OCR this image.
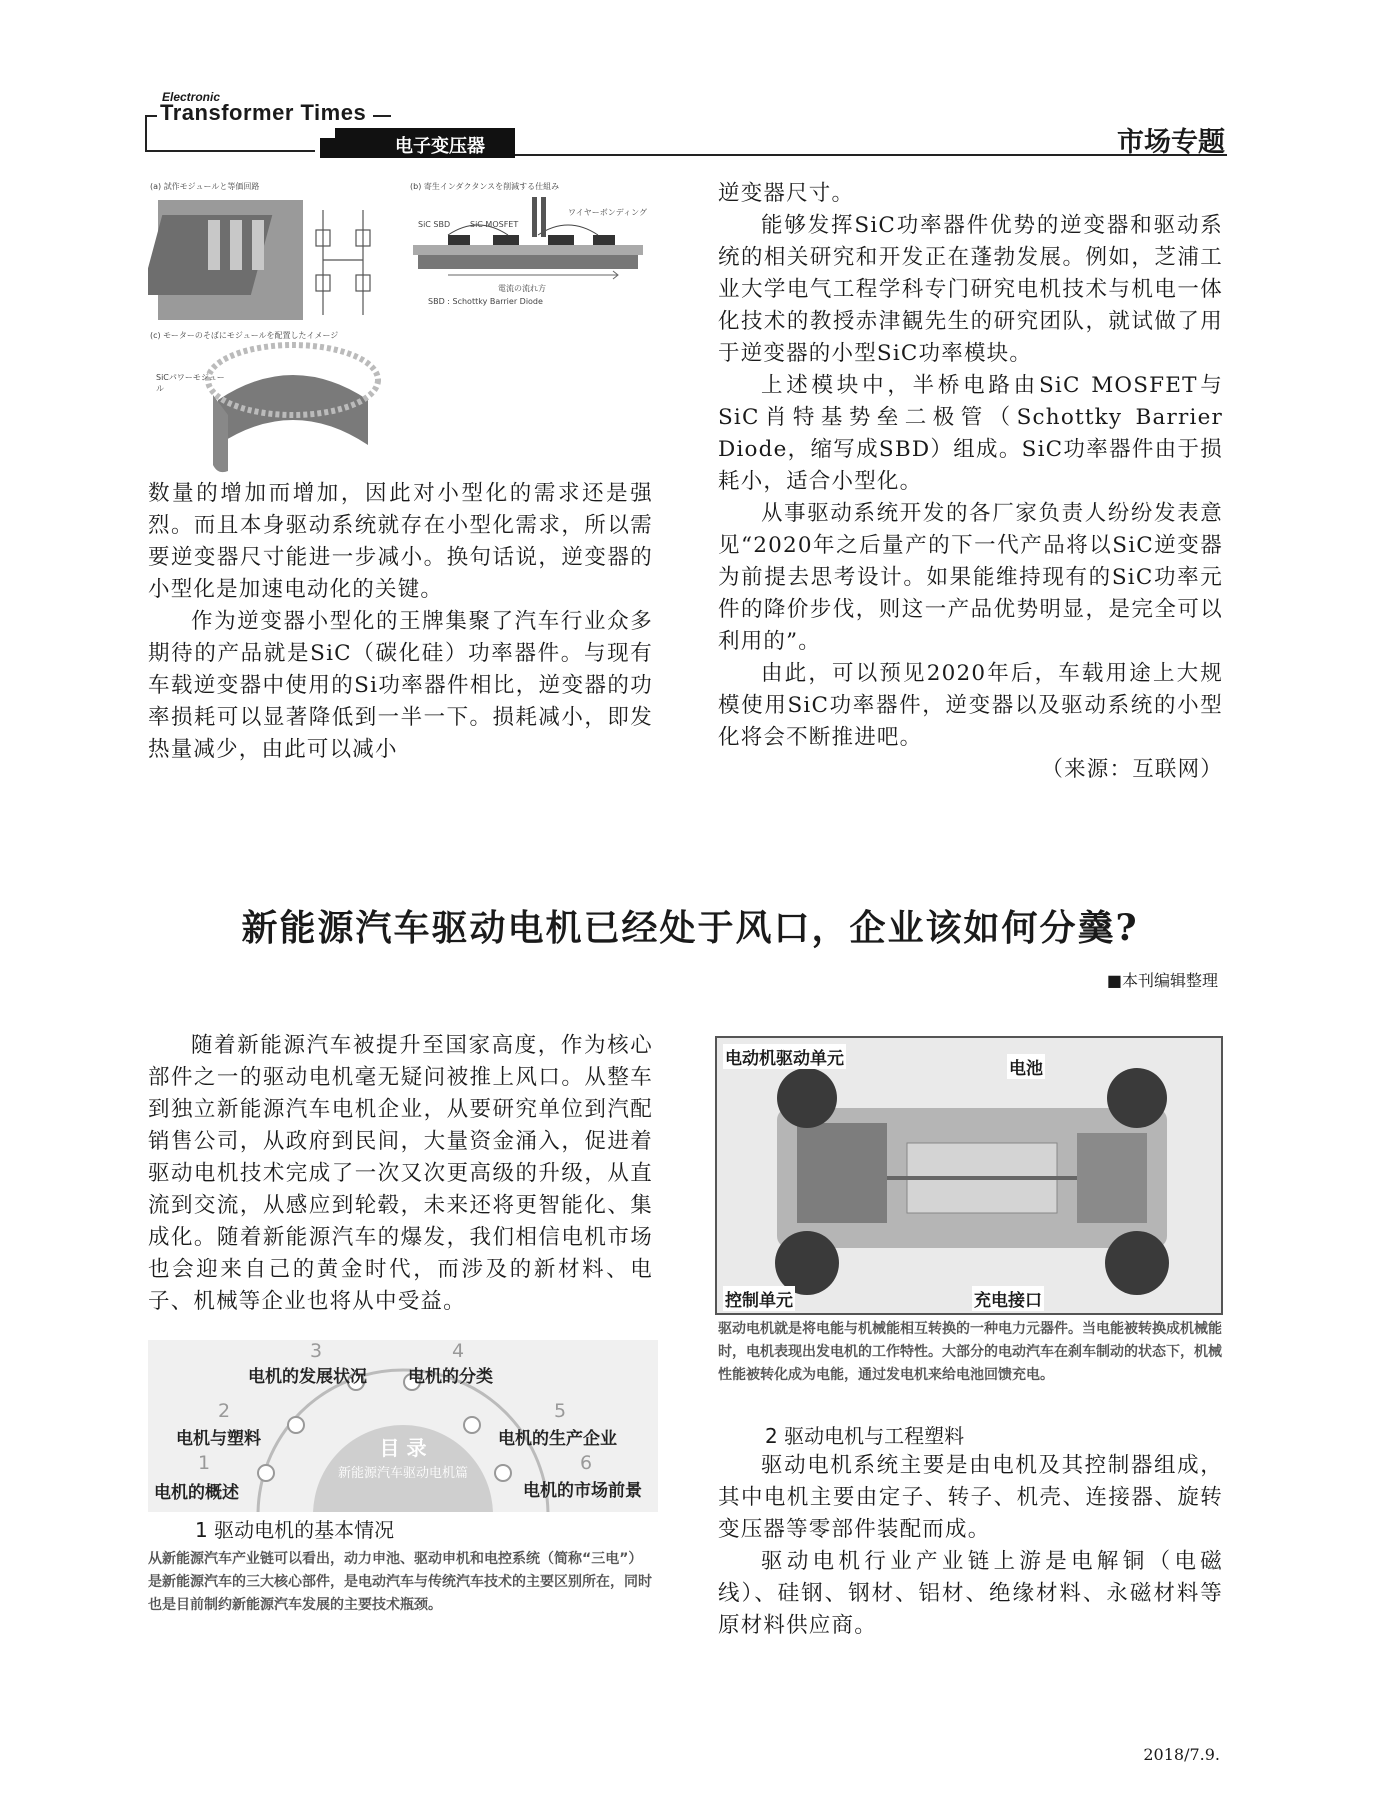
Electronic
Transformer Times
电子变压器	市场专题
(a) 試作モジュールと等価回路	(b) 寄生インダクタンスを削減する仕組み
SiC SBD SiC MOSFET
ワイヤーボンディング
電流の流れ方
SBD : Schottky Barrier Diode
(c) モーターのそばにモジュールを配置したイメージ
SiCパワーモジュール

数量的增加而增加，因此对小型化的需求还是强烈。而且本身驱动系统就存在小型化需求，所以需要逆变器尺寸能进一步减小。换句话说，逆变器的小型化是加速电动化的关键。

作为逆变器小型化的王牌集聚了汽车行业众多期待的产品就是SiC（碳化硅）功率器件。与现有车载逆变器中使用的Si功率器件相比，逆变器的功率损耗可以显著降低到一半一下。损耗减小，即发热量减少，由此可以减小

逆变器尺寸。

能够发挥SiC功率器件优势的逆变器和驱动系统的相关研究和开发正在蓬勃发展。例如，芝浦工业大学电气工程学科专门研究电机技术与机电一体化技术的教授赤津観先生的研究团队，就试做了用于逆变器的小型SiC功率模块。

上述模块中，半桥电路由SiC MOSFET与SiC肖特基势垒二极管（Schottky Barrier Diode，缩写成SBD）组成。SiC功率器件由于损耗小，适合小型化。

从事驱动系统开发的各厂家负责人纷纷发表意见“2020年之后量产的下一代产品将以SiC逆变器为前提去思考设计。如果能维持现有的SiC功率元件的降价步伐，则这一产品优势明显，是完全可以利用的”。

由此，可以预见2020年后，车载用途上大规模使用SiC功率器件，逆变器以及驱动系统的小型化将会不断推进吧。

（来源：互联网）

新能源汽车驱动电机已经处于风口，企业该如何分羹?
■本刊编辑整理

随着新能源汽车被提升至国家高度，作为核心部件之一的驱动电机毫无疑问被推上风口。从整车到独立新能源汽车电机企业，从要研究单位到汽配销售公司，从政府到民间，大量资金涌入，促进着驱动电机技术完成了一次又次更高级的升级，从直流到交流，从感应到轮毂，未来还将更智能化、集成化。随着新能源汽车的爆发，我们相信电机市场也会迎来自己的黄金时代，而涉及的新材料、电子、机械等企业也将从中受益。

目 录
新能源汽车驱动电机篇
1
电机的概述
2
电机与塑料
3
电机的发展状况
4
电机的分类
5
电机的生产企业
6
电机的市场前景
1 驱动电机的基本情况
从新能源汽车产业链可以看出，动力申池、驱动申机和电控系统（简称“三电”）是新能源汽车的三大核心部件，是电动汽车与传统汽车技术的主要区别所在，同时也是目前制约新能源汽车发展的主要技术瓶颈。
电动机驱动单元	电池
控制单元	充电接口
驱动电机就是将电能与机械能相互转换的一种电力元器件。当电能被转换成机械能时，电机表现出发电机的工作特性。大部分的电动汽车在刹车制动的状态下，机械性能被转化成为电能，通过发电机来给电池回馈充电。
2 驱动电机与工程塑料

驱动电机系统主要是由电机及其控制器组成，其中电机主要由定子、转子、机壳、连接器、旋转变压器等零部件装配而成。

驱动电机行业产业链上游是电解铜（电磁线）、硅钢、钢材、铝材、绝缘材料、永磁材料等原材料供应商。

2018/7.9.
